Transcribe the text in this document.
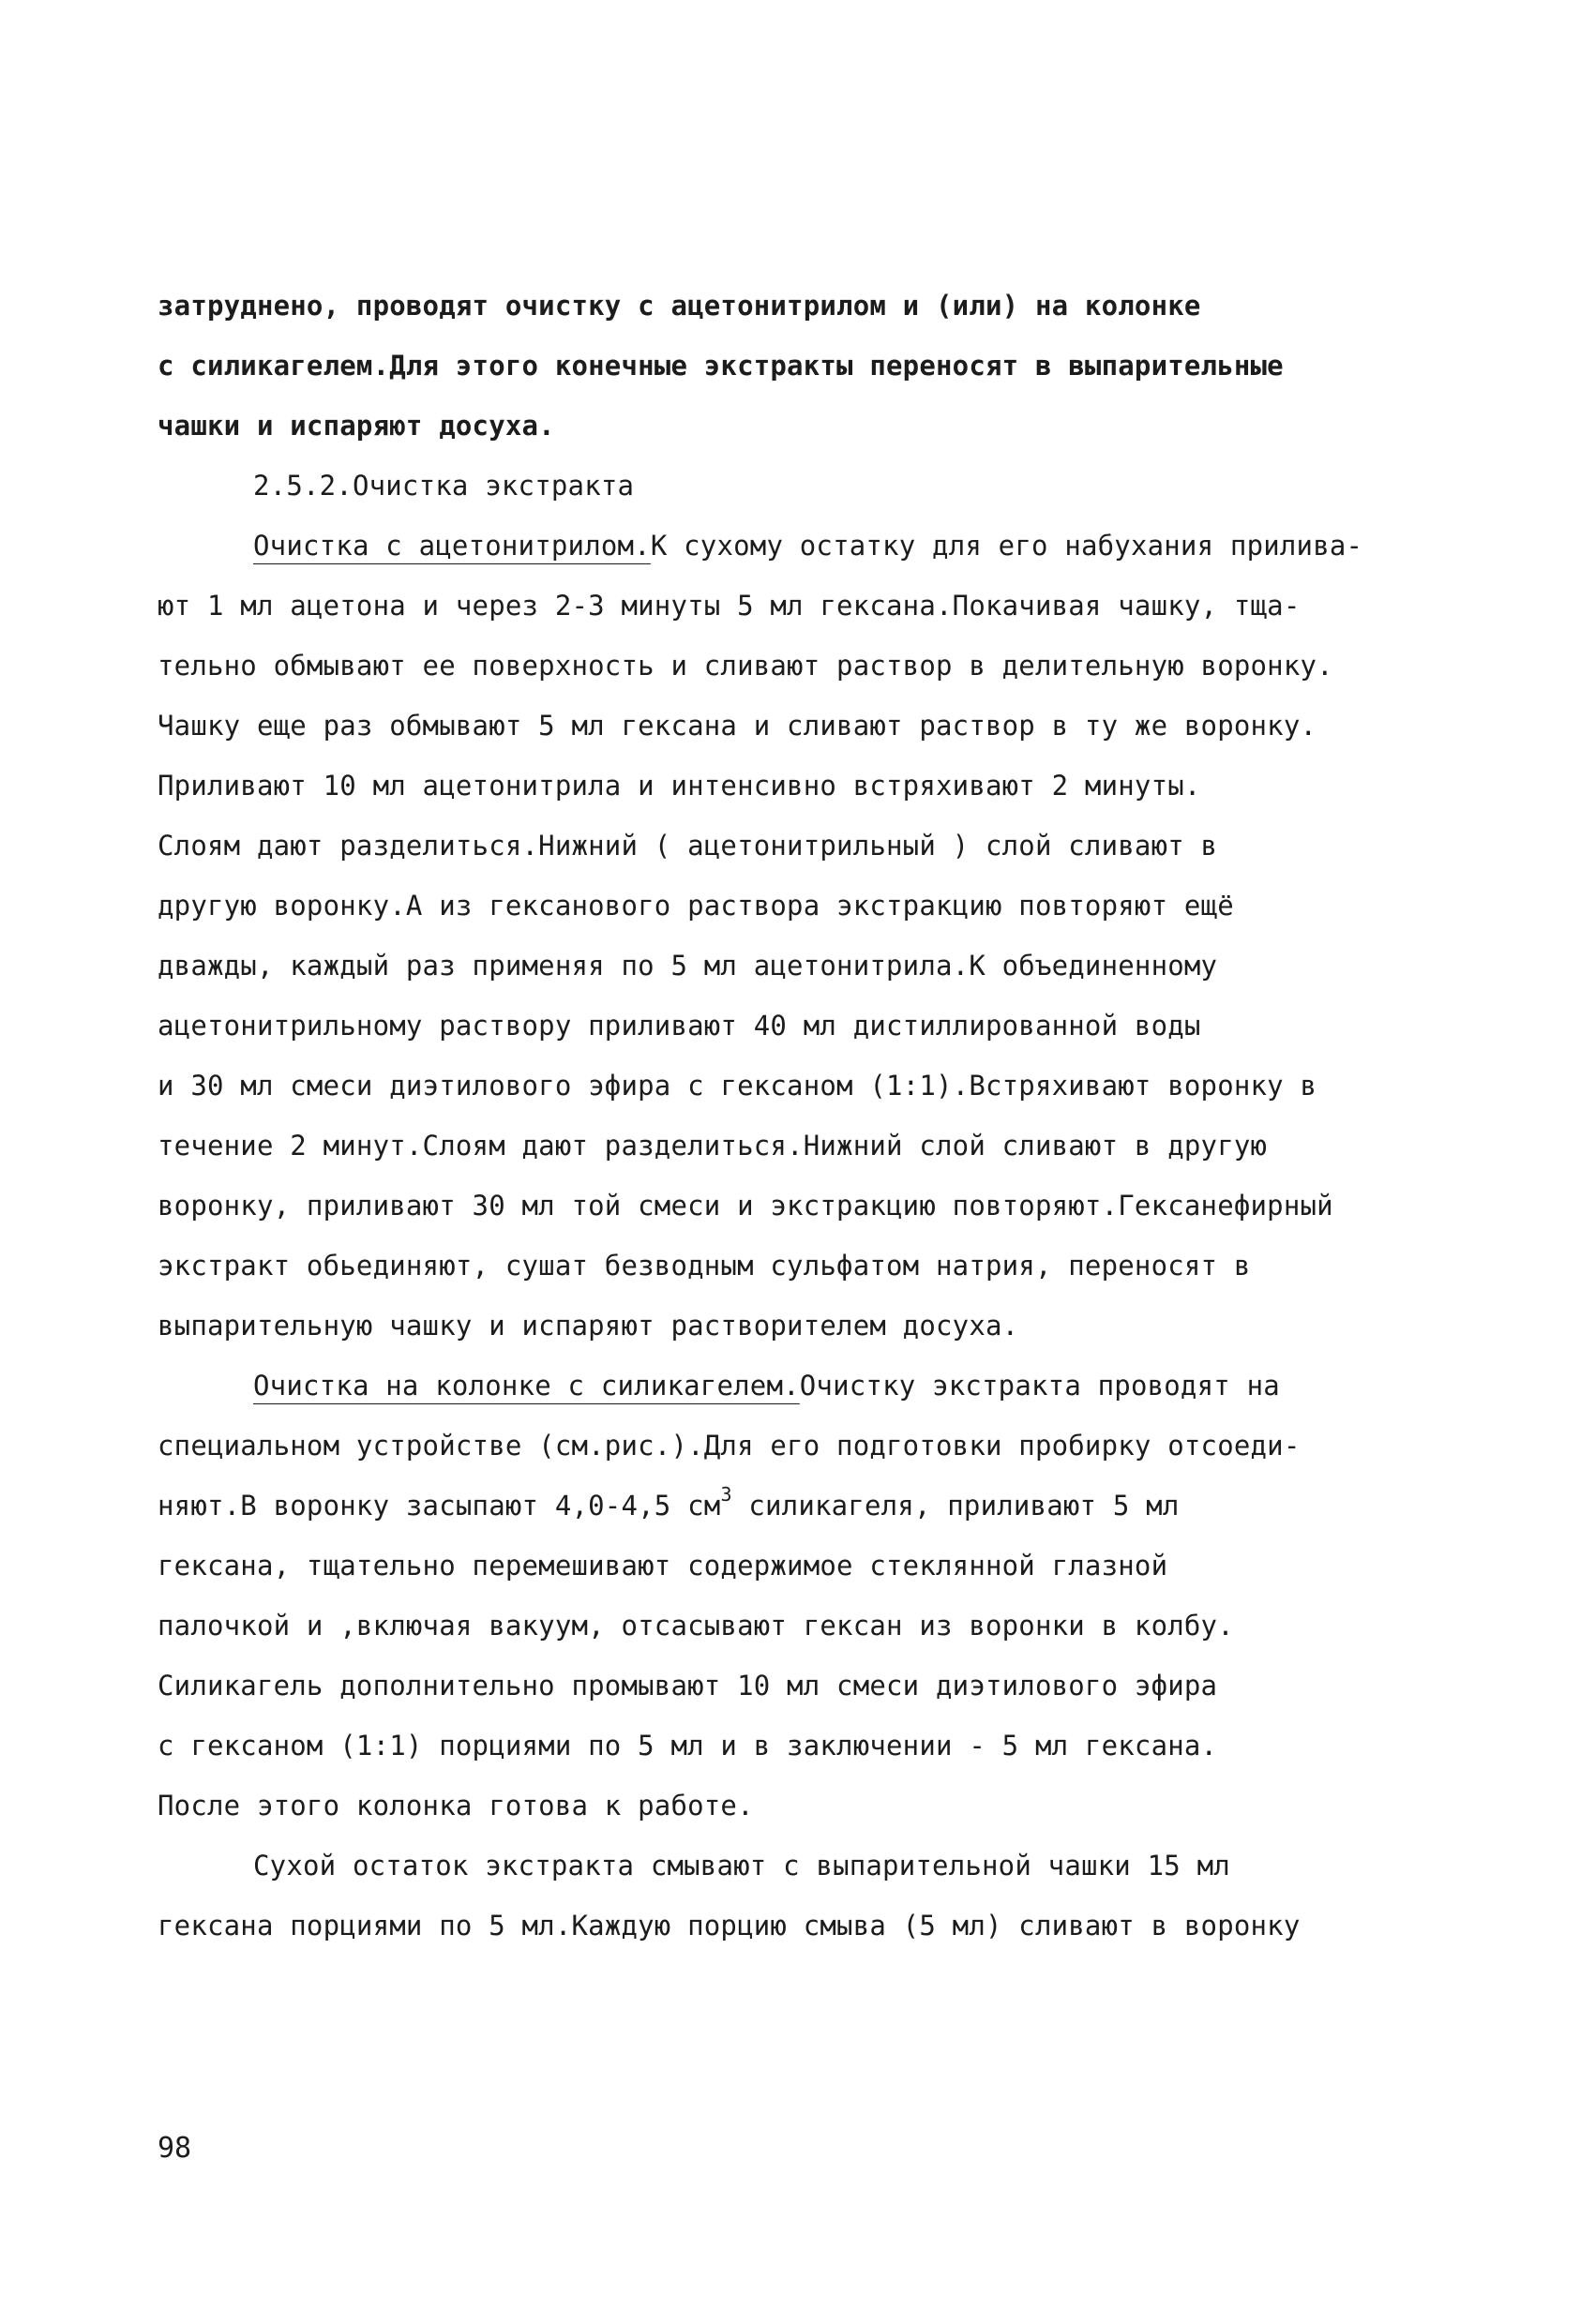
затруднено, проводят очистку с ацетонитрилом и (или) на колонке
с силикагелем.Для этого конечные экстракты переносят в выпарительные
чашки и испаряют досуха.
2.5.2.Очистка экстракта
Очистка с ацетонитрилом.К сухому остатку для его набухания прилива-
ют 1 мл ацетона и через 2-3 минуты 5 мл гексана.Покачивая чашку, тща-
тельно обмывают ее поверхность и сливают раствор в делительную воронку.
Чашку еще раз обмывают 5 мл гексана и сливают раствор в ту же воронку.
Приливают 10 мл ацетонитрила и интенсивно встряхивают 2 минуты.
Слоям дают разделиться.Нижний ( ацетонитрильный ) слой сливают в
другую воронку.А из гексанового раствора экстракцию повторяют ещё
дважды, каждый раз применяя по 5 мл ацетонитрила.К объединенному
ацетонитрильному раствору приливают 40 мл дистиллированной воды
и 30 мл смеси диэтилового эфира с гексаном (1:1).Встряхивают воронку в
течение 2 минут.Слоям дают разделиться.Нижний слой сливают в другую
воронку, приливают 30 мл той смеси и экстракцию повторяют.Гексанефирный
экстракт обьединяют, сушат безводным сульфатом натрия, переносят в
выпарительную чашку и испаряют растворителем досуха.
Очистка на колонке с силикагелем.Очистку экстракта проводят на
специальном устройстве (см.рис.).Для его подготовки пробирку отсоеди-
няют.В воронку засыпают 4,0-4,5 $см^3$ силикагеля, приливают 5 мл
гексана, тщательно перемешивают содержимое стеклянной глазной
палочкой и ,включая вакуум, отсасывают гексан из воронки в колбу.
Силикагель дополнительно промывают 10 мл смеси диэтилового эфира
с гексаном (1:1) порциями по 5 мл и в заключении - 5 мл гексана.
После этого колонка готова к работе.
Сухой остаток экстракта смывают с выпарительной чашки 15 мл
гексана порциями по 5 мл.Каждую порцию смыва (5 мл) сливают в воронку
98
